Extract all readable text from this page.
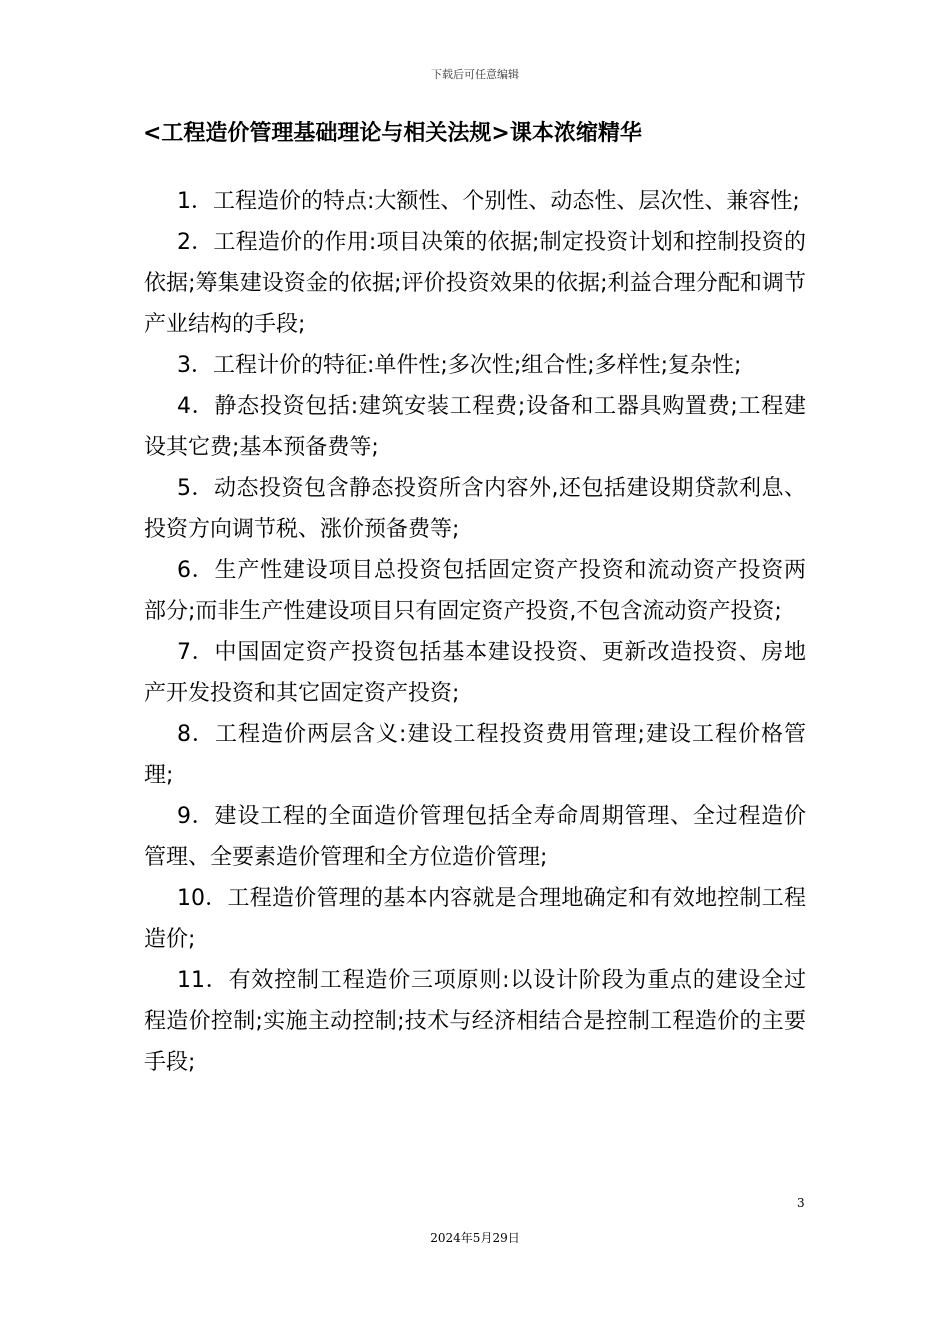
下载后可任意编辑
<工程造价管理基础理论与相关法规>课本浓缩精华

1．工程造价的特点:大额性、个别性、动态性、层次性、兼容性;

2．工程造价的作用:项目决策的依据;制定投资计划和控制投资的依据;筹集建设资金的依据;评价投资效果的依据;利益合理分配和调节产业结构的手段;

3．工程计价的特征:单件性;多次性;组合性;多样性;复杂性;

4．静态投资包括:建筑安装工程费;设备和工器具购置费;工程建设其它费;基本预备费等;

5．动态投资包含静态投资所含内容外,还包括建设期贷款利息、投资方向调节税、涨价预备费等;

6．生产性建设项目总投资包括固定资产投资和流动资产投资两部分;而非生产性建设项目只有固定资产投资,不包含流动资产投资;

7．中国固定资产投资包括基本建设投资、更新改造投资、房地产开发投资和其它固定资产投资;

8．工程造价两层含义:建设工程投资费用管理;建设工程价格管理;

9．建设工程的全面造价管理包括全寿命周期管理、全过程造价管理、全要素造价管理和全方位造价管理;

10．工程造价管理的基本内容就是合理地确定和有效地控制工程造价;

11．有效控制工程造价三项原则:以设计阶段为重点的建设全过程造价控制;实施主动控制;技术与经济相结合是控制工程造价的主要手段;

3
2024年5月29日
